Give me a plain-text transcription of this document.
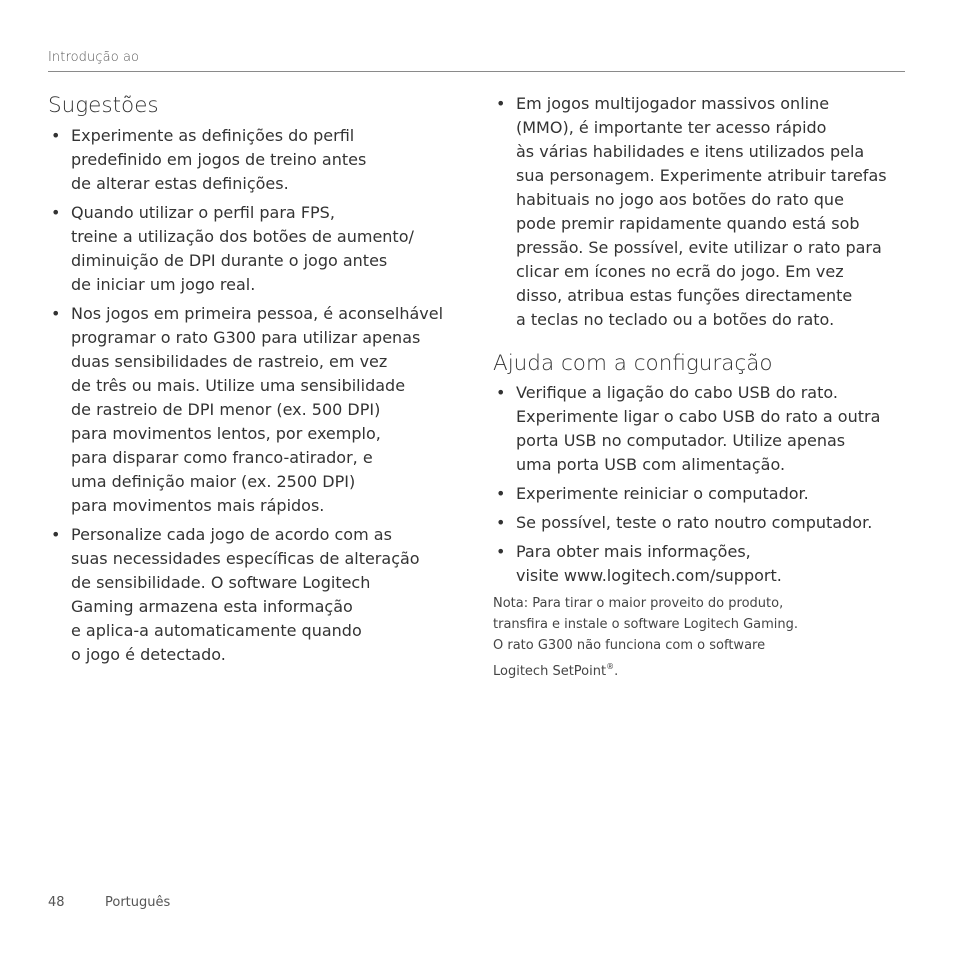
Introdução ao
Sugestões
• Experimente as definições do perfil
predefinido em jogos de treino antes
de alterar estas definições.
• Quando utilizar o perfil para FPS,
treine a utilização dos botões de aumento/
diminuição de DPI durante o jogo antes
de iniciar um jogo real.
• Nos jogos em primeira pessoa, é aconselhável
programar o rato G300 para utilizar apenas
duas sensibilidades de rastreio, em vez
de três ou mais. Utilize uma sensibilidade
de rastreio de DPI menor (ex. 500 DPI)
para movimentos lentos, por exemplo,
para disparar como franco-atirador, e
uma definição maior (ex. 2500 DPI)
para movimentos mais rápidos.
• Personalize cada jogo de acordo com as
suas necessidades específicas de alteração
de sensibilidade. O software Logitech
Gaming armazena esta informação
e aplica-a automaticamente quando
o jogo é detectado.
• Em jogos multijogador massivos online
(MMO), é importante ter acesso rápido
às várias habilidades e itens utilizados pela
sua personagem. Experimente atribuir tarefas
habituais no jogo aos botões do rato que
pode premir rapidamente quando está sob
pressão. Se possível, evite utilizar o rato para
clicar em ícones no ecrã do jogo. Em vez
disso, atribua estas funções directamente
a teclas no teclado ou a botões do rato.
Ajuda com a configuração
• Verifique a ligação do cabo USB do rato.
Experimente ligar o cabo USB do rato a outra
porta USB no computador. Utilize apenas
uma porta USB com alimentação.
• Experimente reiniciar o computador.
• Se possível, teste o rato noutro computador.
• Para obter mais informações,
visite www.logitech.com/support.
Nota: Para tirar o maior proveito do produto,
transfira e instale o software Logitech Gaming.
O rato G300 não funciona com o software
Logitech SetPoint®.
48	Português
